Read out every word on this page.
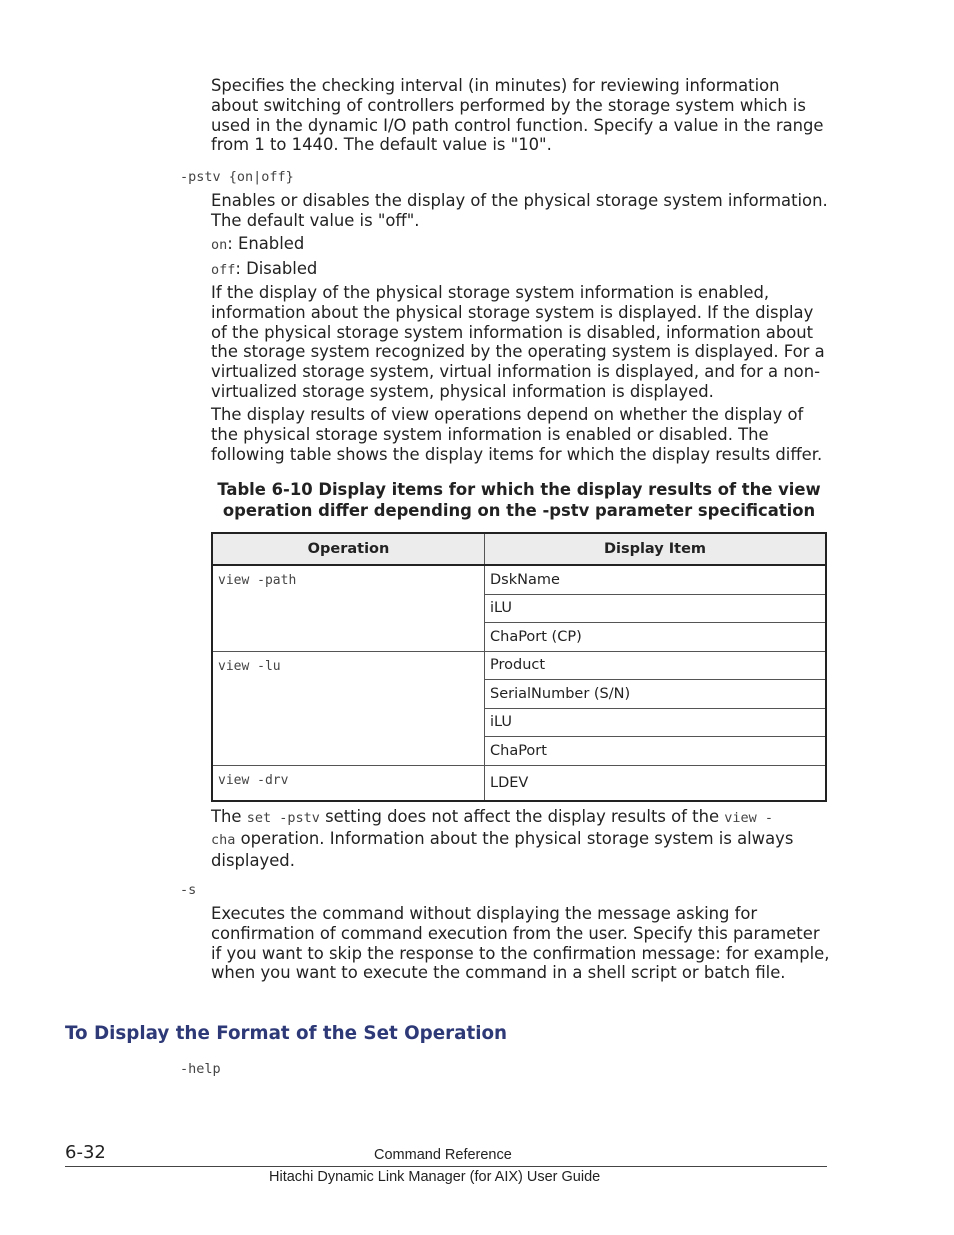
Specifies the checking interval (in minutes) for reviewing information about switching of controllers performed by the storage system which is used in the dynamic I/O path control function. Specify a value in the range from 1 to 1440. The default value is "10".

-pstv {on|off}

Enables or disables the display of the physical storage system information. The default value is "off".

on: Enabled

off: Disabled

If the display of the physical storage system information is enabled, information about the physical storage system is displayed. If the display of the physical storage system information is disabled, information about the storage system recognized by the operating system is displayed. For a virtualized storage system, virtual information is displayed, and for a non-virtualized storage system, physical information is displayed.

The display results of view operations depend on whether the display of the physical storage system information is enabled or disabled. The following table shows the display items for which the display results differ.

Table 6-10 Display items for which the display results of the view
operation differ depending on the -pstv parameter specification
Operation	Display Item
view -path	DskName
	iLU
	ChaPort (CP)
view -lu	Product
	SerialNumber (S/N)
	iLU
	ChaPort
view -drv	LDEV

The set -pstv setting does not affect the display results of the view -
cha operation. Information about the physical storage system is always
displayed.

-s

Executes the command without displaying the message asking for confirmation of command execution from the user. Specify this parameter if you want to skip the response to the confirmation message: for example, when you want to execute the command in a shell script or batch file.

To Display the Format of the Set Operation
-help
6-32	Command Reference
Hitachi Dynamic Link Manager (for AIX) User Guide
